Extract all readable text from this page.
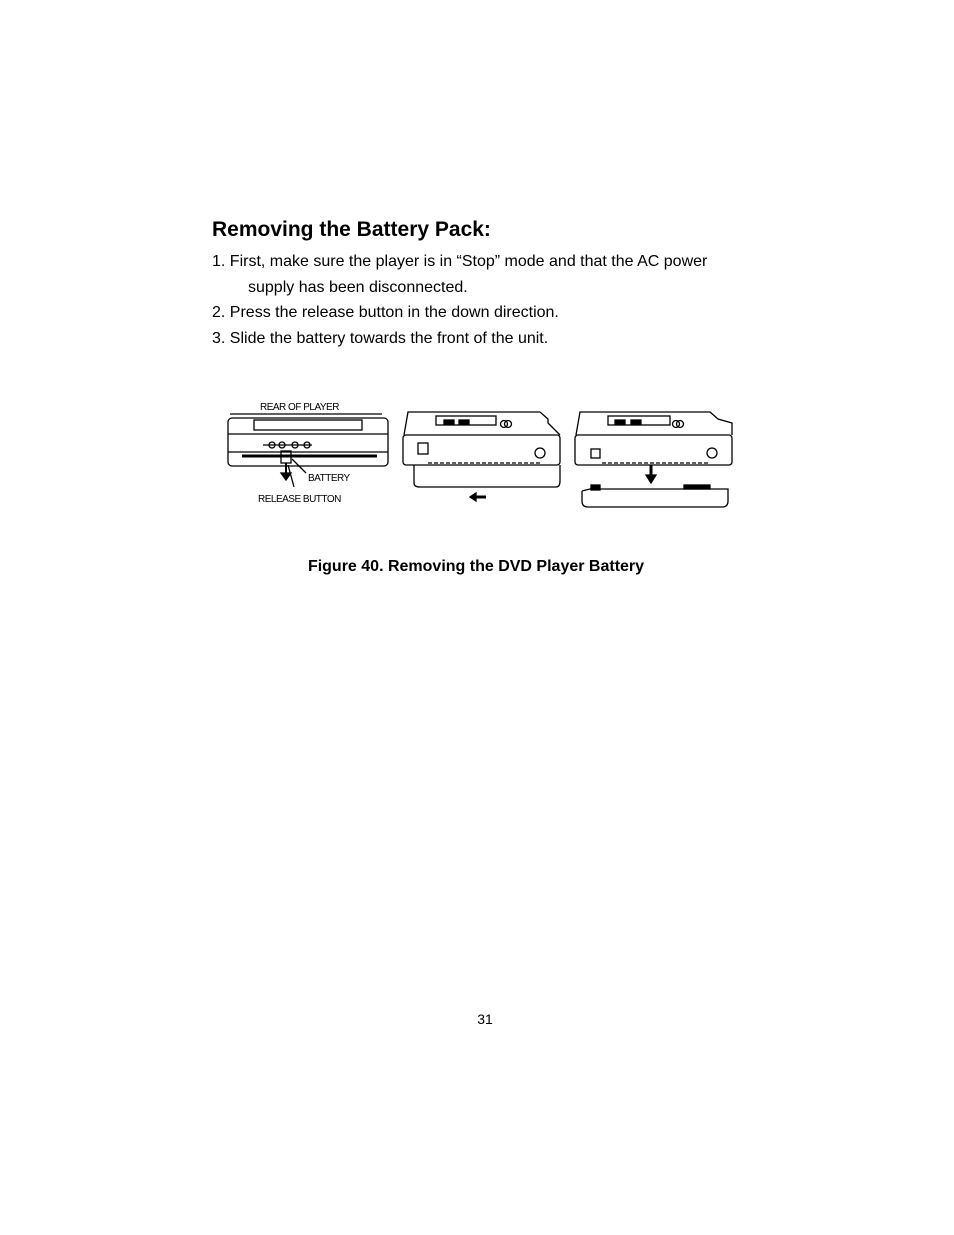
Removing the Battery Pack:
1. First, make sure the player is in “Stop” mode and that the AC power
supply has been disconnected.
2. Press the release button in the down direction.
3. Slide the battery towards the front of the unit.
REAR OF PLAYER
BATTERY
RELEASE BUTTON

Figure 40. Removing the DVD Player Battery

31
